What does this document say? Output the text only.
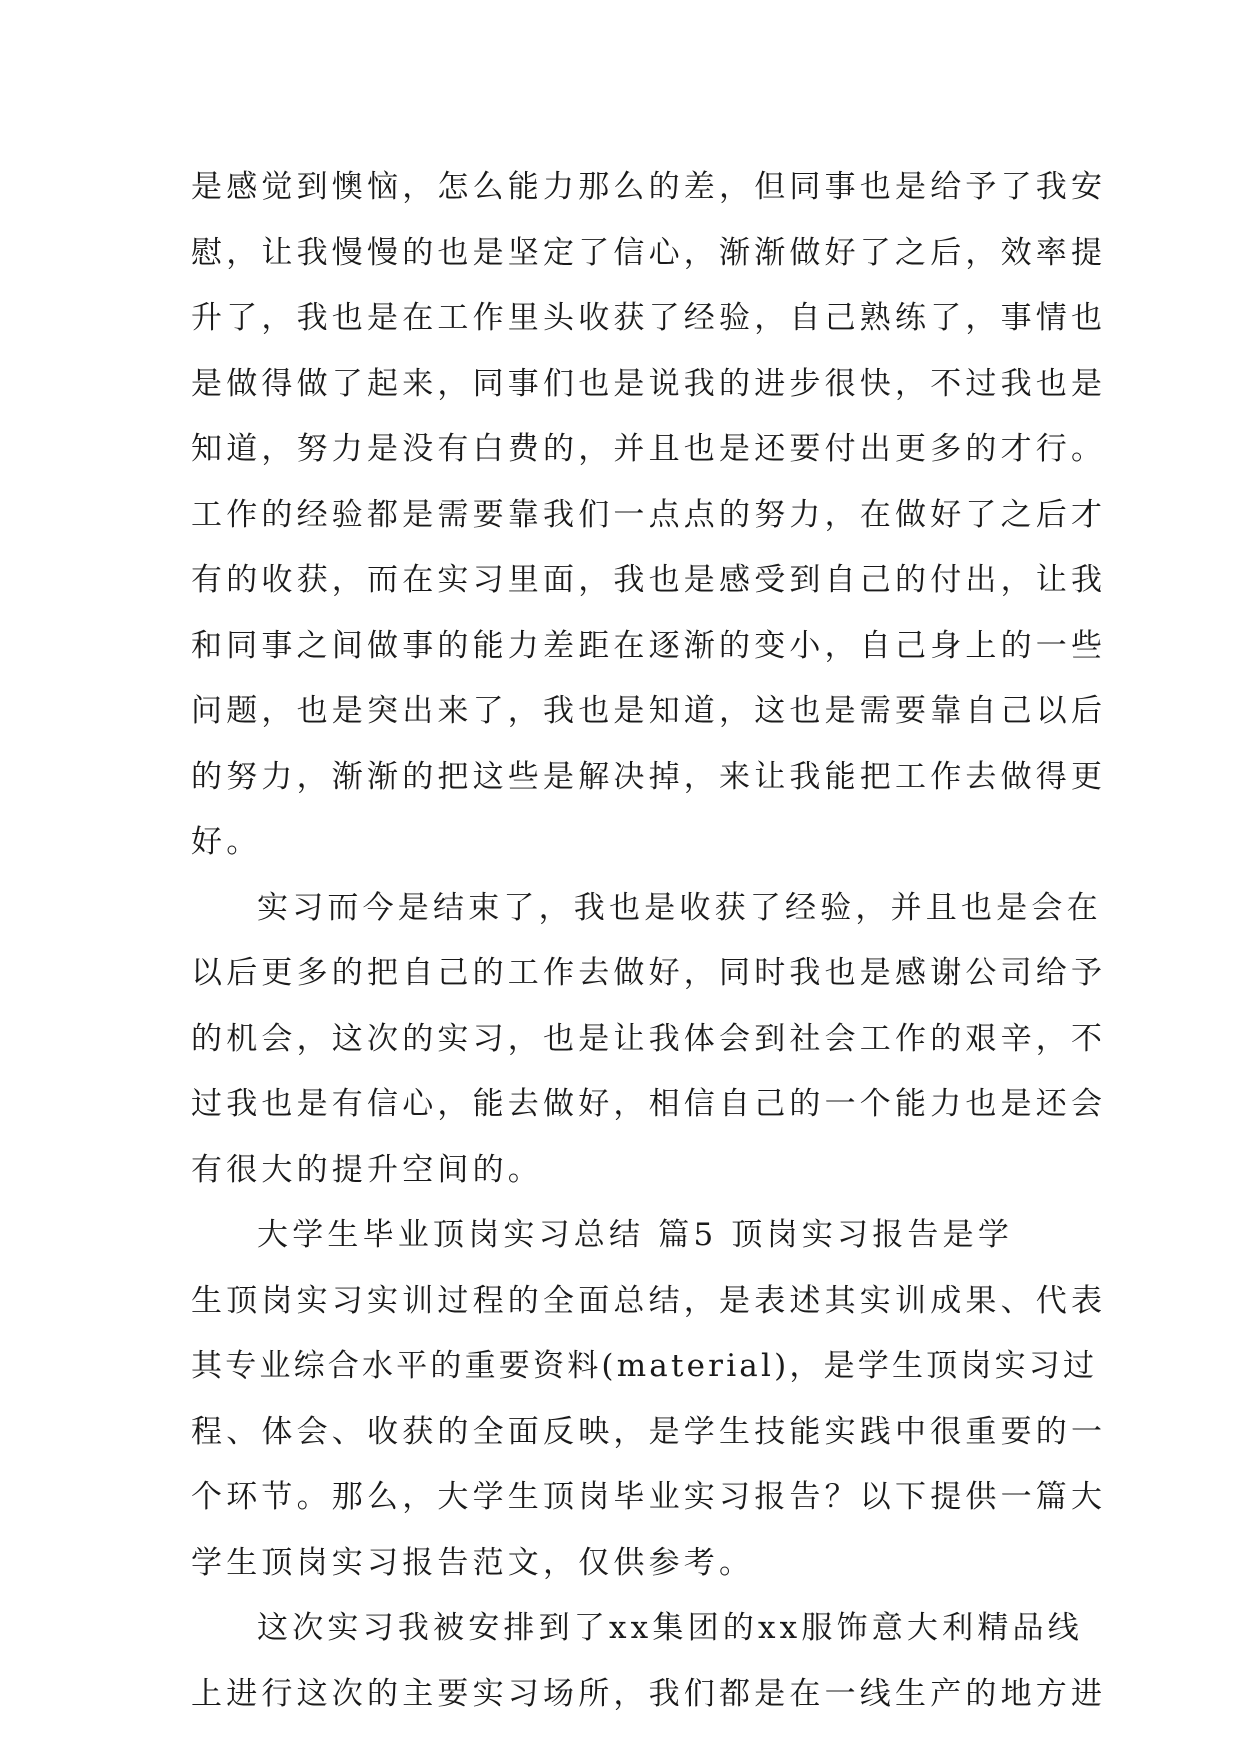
是感觉到懊恼，怎么能力那么的差，但同事也是给予了我安
慰，让我慢慢的也是坚定了信心，渐渐做好了之后，效率提
升了，我也是在工作里头收获了经验，自己熟练了，事情也
是做得做了起来，同事们也是说我的进步很快，不过我也是
知道，努力是没有白费的，并且也是还要付出更多的才行。
工作的经验都是需要靠我们一点点的努力，在做好了之后才
有的收获，而在实习里面，我也是感受到自己的付出，让我
和同事之间做事的能力差距在逐渐的变小，自己身上的一些
问题，也是突出来了，我也是知道，这也是需要靠自己以后
的努力，渐渐的把这些是解决掉，来让我能把工作去做得更
好。
实习而今是结束了，我也是收获了经验，并且也是会在
以后更多的把自己的工作去做好，同时我也是感谢公司给予
的机会，这次的实习，也是让我体会到社会工作的艰辛，不
过我也是有信心，能去做好，相信自己的一个能力也是还会
有很大的提升空间的。
大学生毕业顶岗实习总结 篇5 顶岗实习报告是学
生顶岗实习实训过程的全面总结，是表述其实训成果、代表
其专业综合水平的重要资料(material)，是学生顶岗实习过
程、体会、收获的全面反映，是学生技能实践中很重要的一
个环节。那么，大学生顶岗毕业实习报告？以下提供一篇大
学生顶岗实习报告范文，仅供参考。
这次实习我被安排到了xx集团的xx服饰意大利精品线
上进行这次的主要实习场所，我们都是在一线生产的地方进
